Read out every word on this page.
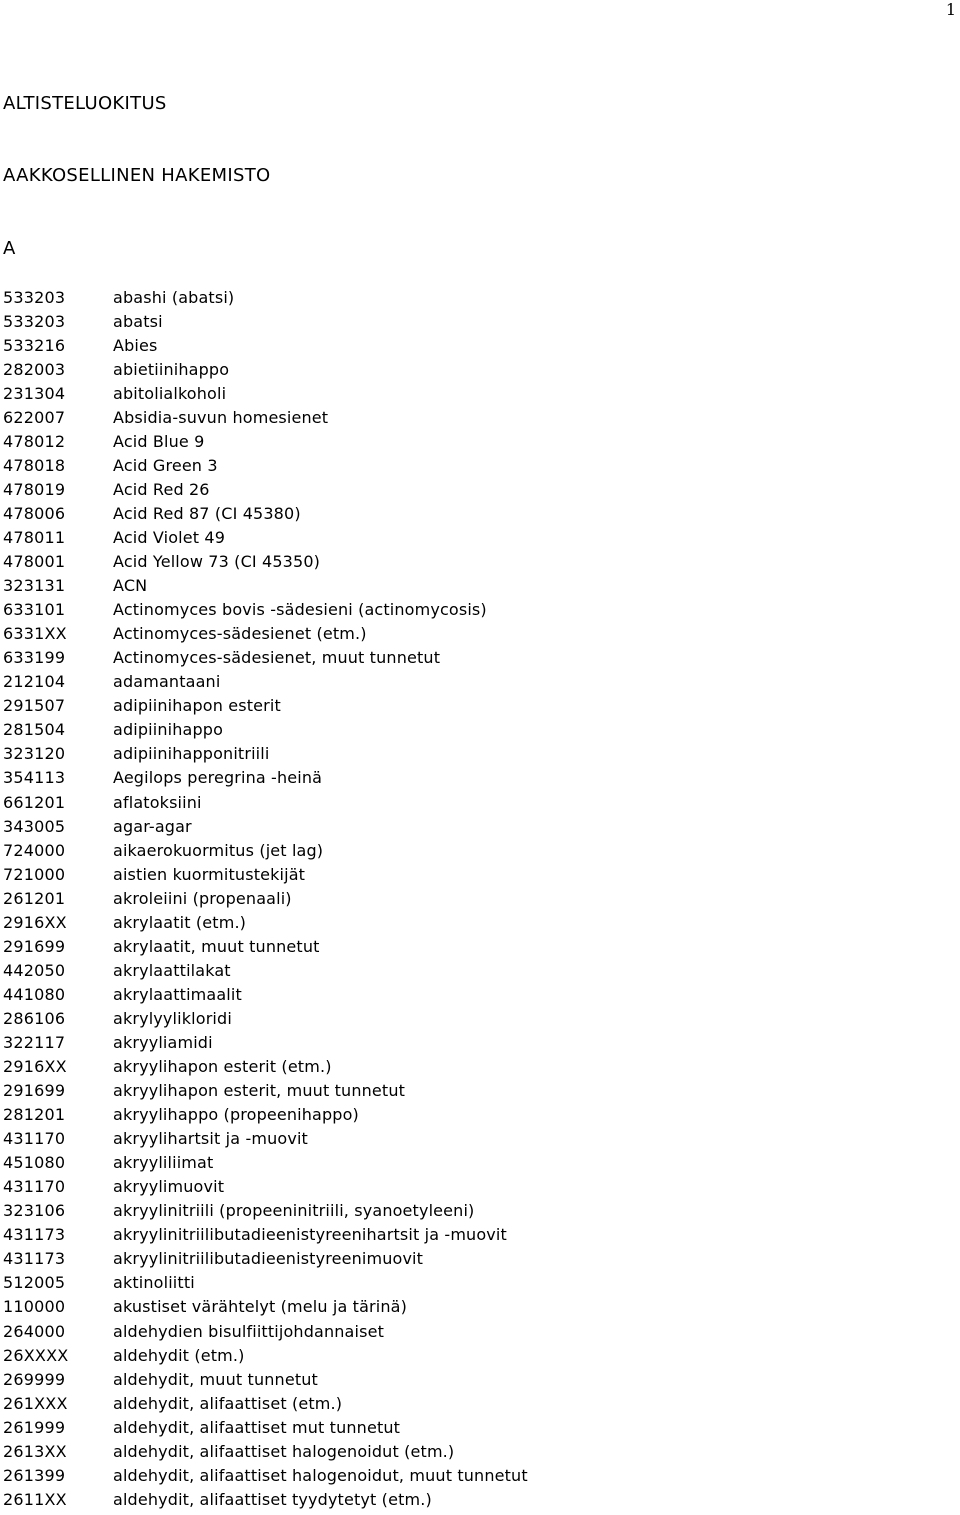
1
ALTISTELUOKITUS
AAKKOSELLINEN HAKEMISTO
A
533203	abashi (abatsi)
533203	abatsi
533216	Abies
282003	abietiinihappo
231304	abitolialkoholi
622007	Absidia-suvun homesienet
478012	Acid Blue 9
478018	Acid Green 3
478019	Acid Red 26
478006	Acid Red 87 (CI 45380)
478011	Acid Violet 49
478001	Acid Yellow 73 (CI 45350)
323131	ACN
633101	Actinomyces bovis -sädesieni (actinomycosis)
6331XX	Actinomyces-sädesienet (etm.)
633199	Actinomyces-sädesienet, muut tunnetut
212104	adamantaani
291507	adipiinihapon esterit
281504	adipiinihappo
323120	adipiinihapponitriili
354113	Aegilops peregrina -heinä
661201	aflatoksiini
343005	agar-agar
724000	aikaerokuormitus (jet lag)
721000	aistien kuormitustekijät
261201	akroleiini (propenaali)
2916XX	akrylaatit (etm.)
291699	akrylaatit, muut tunnetut
442050	akrylaattilakat
441080	akrylaattimaalit
286106	akrylyylikloridi
322117	akryyliamidi
2916XX	akryylihapon esterit (etm.)
291699	akryylihapon esterit, muut tunnetut
281201	akryylihappo (propeenihappo)
431170	akryylihartsit ja -muovit
451080	akryyliliimat
431170	akryylimuovit
323106	akryylinitriili (propeeninitriili, syanoetyleeni)
431173	akryylinitriilibutadieenistyreenihartsit ja -muovit
431173	akryylinitriilibutadieenistyreenimuovit
512005	aktinoliitti
110000	akustiset värähtelyt (melu ja tärinä)
264000	aldehydien bisulfiittijohdannaiset
26XXXX	aldehydit (etm.)
269999	aldehydit, muut tunnetut
261XXX	aldehydit, alifaattiset (etm.)
261999	aldehydit, alifaattiset mut tunnetut
2613XX	aldehydit, alifaattiset halogenoidut (etm.)
261399	aldehydit, alifaattiset halogenoidut, muut tunnetut
2611XX	aldehydit, alifaattiset tyydytetyt (etm.)
